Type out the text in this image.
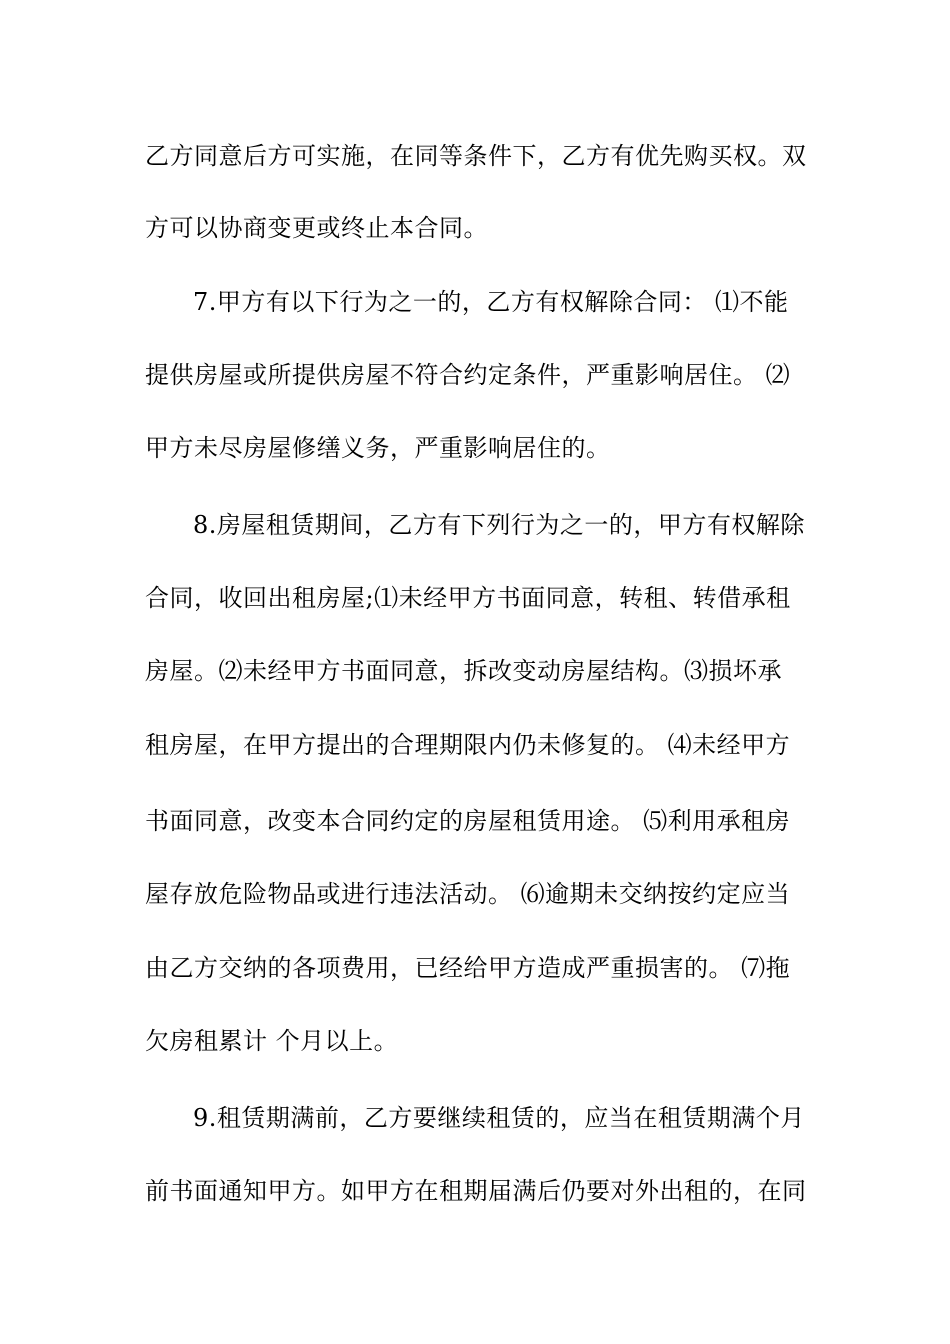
乙方同意后方可实施，在同等条件下，乙方有优先购买权。双
方可以协商变更或终止本合同。
7.甲方有以下行为之一的，乙方有权解除合同： ⑴不能
提供房屋或所提供房屋不符合约定条件，严重影响居住。 ⑵
甲方未尽房屋修缮义务，严重影响居住的。
8.房屋租赁期间，乙方有下列行为之一的，甲方有权解除
合同，收回出租房屋;⑴未经甲方书面同意，转租、转借承租
房屋。⑵未经甲方书面同意，拆改变动房屋结构。⑶损坏承
租房屋，在甲方提出的合理期限内仍未修复的。 ⑷未经甲方
书面同意，改变本合同约定的房屋租赁用途。 ⑸利用承租房
屋存放危险物品或进行违法活动。 ⑹逾期未交纳按约定应当
由乙方交纳的各项费用，已经给甲方造成严重损害的。 ⑺拖
欠房租累计 个月以上。
9.租赁期满前，乙方要继续租赁的，应当在租赁期满个月
前书面通知甲方。如甲方在租期届满后仍要对外出租的，在同
